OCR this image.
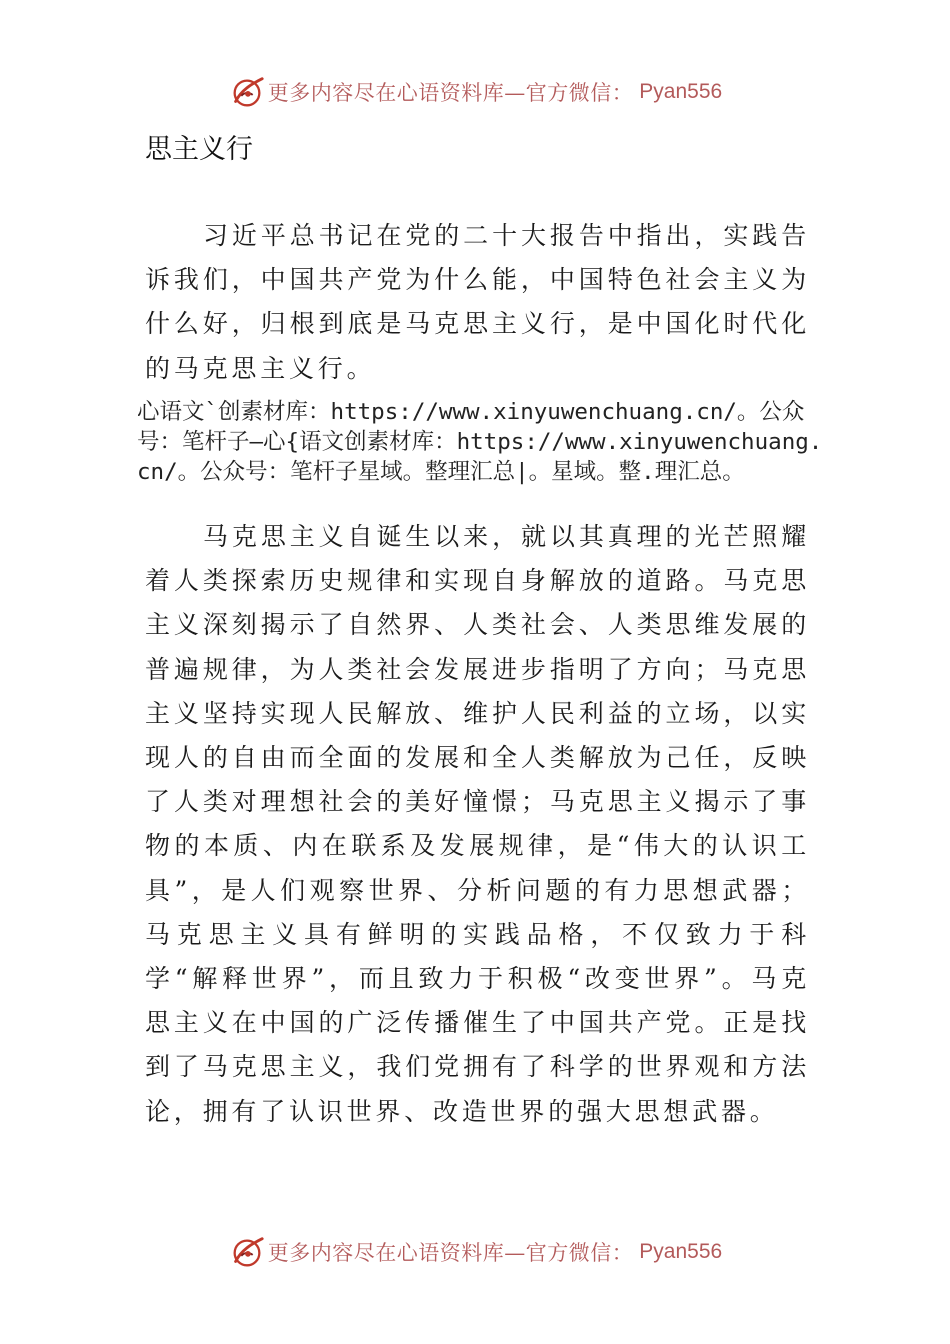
更多内容尽在心语资料库—官方微信： Pyan556
思主义行

习近平总书记在党的二十大报告中指出，实践告诉我们，中国共产党为什么能，中国特色社会主义为什么好，归根到底是马克思主义行，是中国化时代化的马克思主义行。

心语文`创素材库：https://www.xinyuwenchuang.cn/。公众号：笔杆子—心{语文创素材库：https://www.xinyuwenchuang.cn/。公众号：笔杆子星域。整理汇总|。星域。整.理汇总。

马克思主义自诞生以来，就以其真理的光芒照耀着人类探索历史规律和实现自身解放的道路。马克思主义深刻揭示了自然界、人类社会、人类思维发展的普遍规律，为人类社会发展进步指明了方向；马克思主义坚持实现人民解放、维护人民利益的立场，以实现人的自由而全面的发展和全人类解放为己任，反映了人类对理想社会的美好憧憬；马克思主义揭示了事物的本质、内在联系及发展规律，是“伟大的认识工具”，是人们观察世界、分析问题的有力思想武器；马克思主义具有鲜明的实践品格，不仅致力于科学“解释世界”，而且致力于积极“改变世界”。马克思主义在中国的广泛传播催生了中国共产党。正是找到了马克思主义，我们党拥有了科学的世界观和方法论，拥有了认识世界、改造世界的强大思想武器。

更多内容尽在心语资料库—官方微信： Pyan556
